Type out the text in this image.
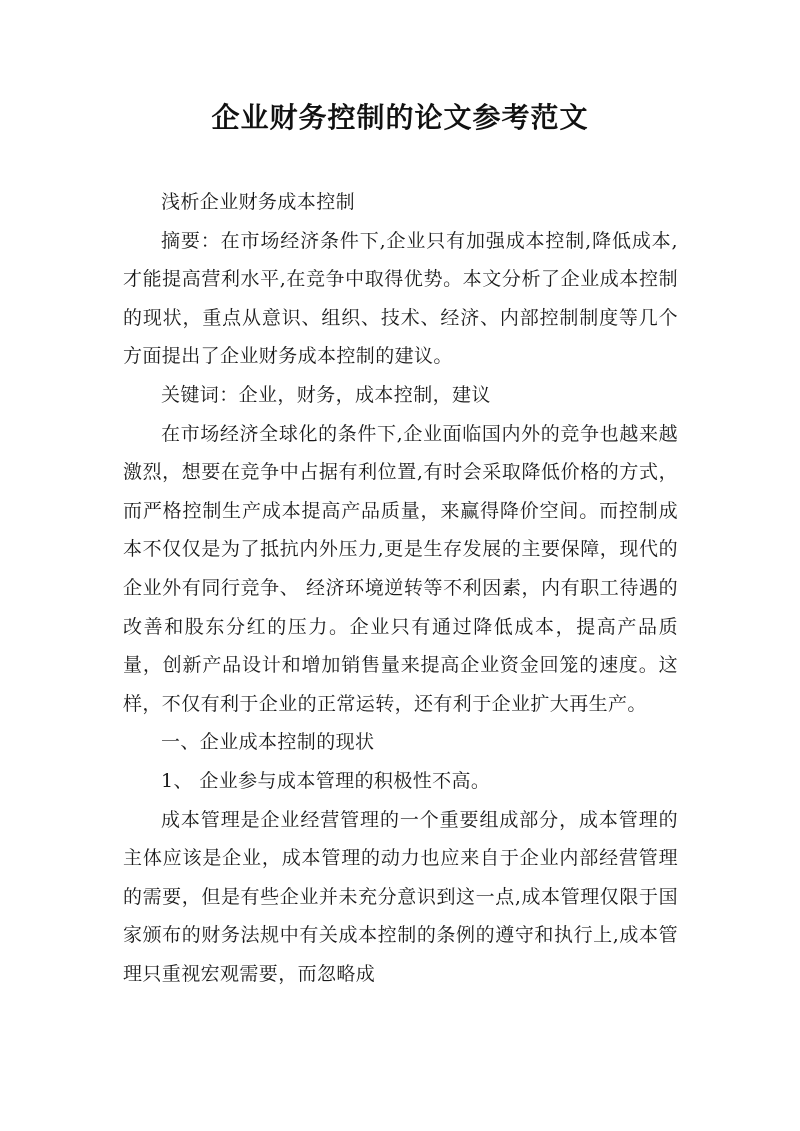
企业财务控制的论文参考范文

浅析企业财务成本控制

摘要：在市场经济条件下,企业只有加强成本控制,降低成本,才能提高营利水平,在竞争中取得优势。本文分析了企业成本控制的现状，重点从意识、组织、技术、经济、内部控制制度等几个方面提出了企业财务成本控制的建议。

关键词：企业，财务，成本控制，建议

在市场经济全球化的条件下,企业面临国内外的竞争也越来越激烈，想要在竞争中占据有利位置,有时会采取降低价格的方式，而严格控制生产成本提高产品质量，来赢得降价空间。而控制成本不仅仅是为了抵抗内外压力,更是生存发展的主要保障，现代的企业外有同行竞争、 经济环境逆转等不利因素，内有职工待遇的改善和股东分红的压力。企业只有通过降低成本，提高产品质量，创新产品设计和增加销售量来提高企业资金回笼的速度。这样，不仅有利于企业的正常运转，还有利于企业扩大再生产。

一、企业成本控制的现状

1、 企业参与成本管理的积极性不高。

成本管理是企业经营管理的一个重要组成部分，成本管理的主体应该是企业，成本管理的动力也应来自于企业内部经营管理的需要，但是有些企业并未充分意识到这一点,成本管理仅限于国家颁布的财务法规中有关成本控制的条例的遵守和执行上,成本管理只重视宏观需要，而忽略成
